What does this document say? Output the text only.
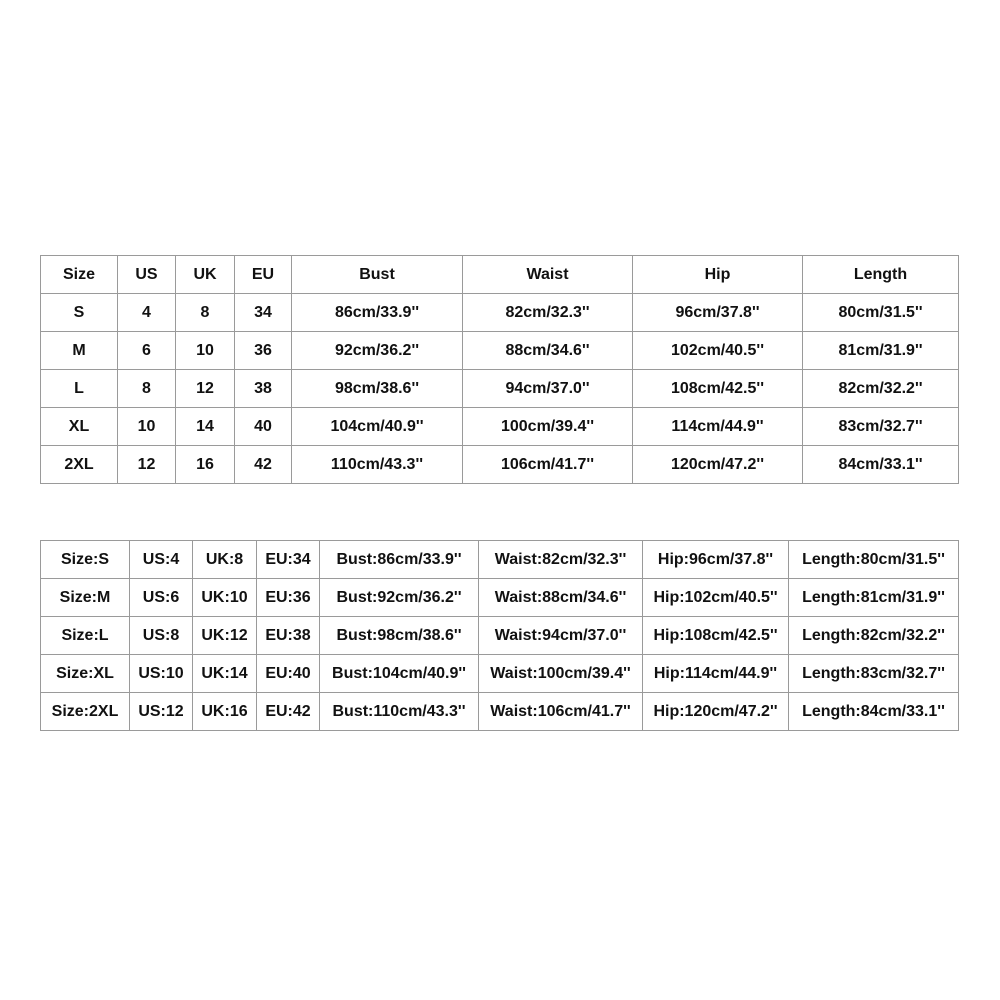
Size	US	UK	EU	Bust	Waist	Hip	Length
S	4	8	34	86cm/33.9''	82cm/32.3''	96cm/37.8''	80cm/31.5''
M	6	10	36	92cm/36.2''	88cm/34.6''	102cm/40.5''	81cm/31.9''
L	8	12	38	98cm/38.6''	94cm/37.0''	108cm/42.5''	82cm/32.2''
XL	10	14	40	104cm/40.9''	100cm/39.4''	114cm/44.9''	83cm/32.7''
2XL	12	16	42	110cm/43.3''	106cm/41.7''	120cm/47.2''	84cm/33.1''
Size:S	US:4	UK:8	EU:34	Bust:86cm/33.9''	Waist:82cm/32.3''	Hip:96cm/37.8''	Length:80cm/31.5''
Size:M	US:6	UK:10	EU:36	Bust:92cm/36.2''	Waist:88cm/34.6''	Hip:102cm/40.5''	Length:81cm/31.9''
Size:L	US:8	UK:12	EU:38	Bust:98cm/38.6''	Waist:94cm/37.0''	Hip:108cm/42.5''	Length:82cm/32.2''
Size:XL	US:10	UK:14	EU:40	Bust:104cm/40.9''	Waist:100cm/39.4''	Hip:114cm/44.9''	Length:83cm/32.7''
Size:2XL	US:12	UK:16	EU:42	Bust:110cm/43.3''	Waist:106cm/41.7''	Hip:120cm/47.2''	Length:84cm/33.1''
